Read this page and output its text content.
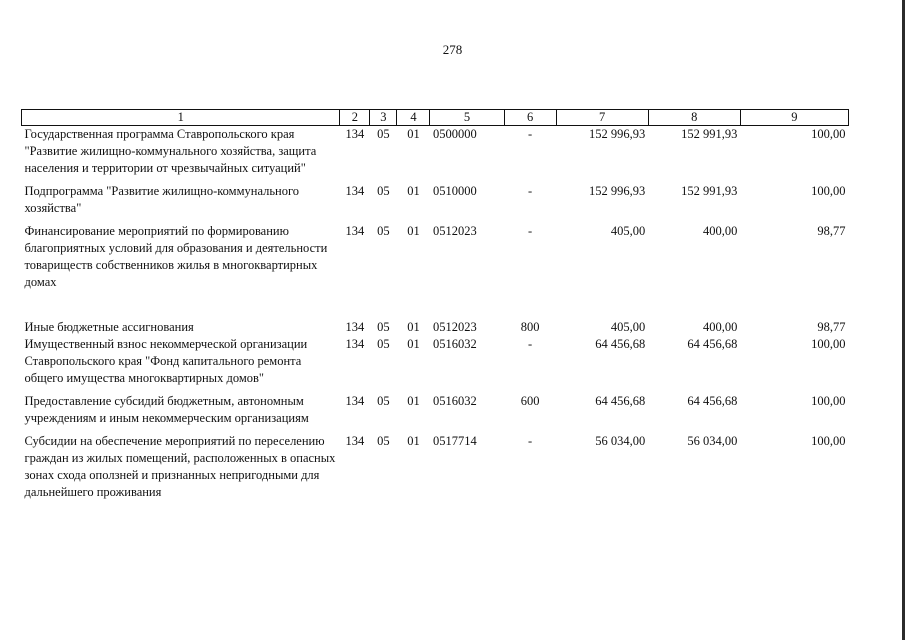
278
1	2	3	4	5	6	7	8	9
Государственная программа Ставропольского края "Развитие жилищно-коммунального хозяйства, защита населения и территории от чрезвычайных ситуаций"	134	05	01	0500000	-	152 996,93	152 991,93	100,00

Подпрограмма "Развитие жилищно-коммунального хозяйства"	134	05	01	0510000	-	152 996,93	152 991,93	100,00

Финансирование мероприятий по формированию благоприятных условий для образования и деятельности товариществ собственников жилья в многоквартирных домах	134	05	01	0512023	-	405,00	400,00	98,77

Иные бюджетные ассигнования	134	05	01	0512023	800	405,00	400,00	98,77
Имущественный взнос некоммерческой организации Ставропольского края "Фонд капитального ремонта общего имущества многоквартирных домов"	134	05	01	0516032	-	64 456,68	64 456,68	100,00

Предоставление субсидий бюджетным, автономным учреждениям и иным некоммерческим организациям	134	05	01	0516032	600	64 456,68	64 456,68	100,00

Субсидии на обеспечение мероприятий по переселению граждан из жилых помещений, расположенных в опасных зонах схода оползней и признанных непригодными для дальнейшего проживания	134	05	01	0517714	-	56 034,00	56 034,00	100,00
